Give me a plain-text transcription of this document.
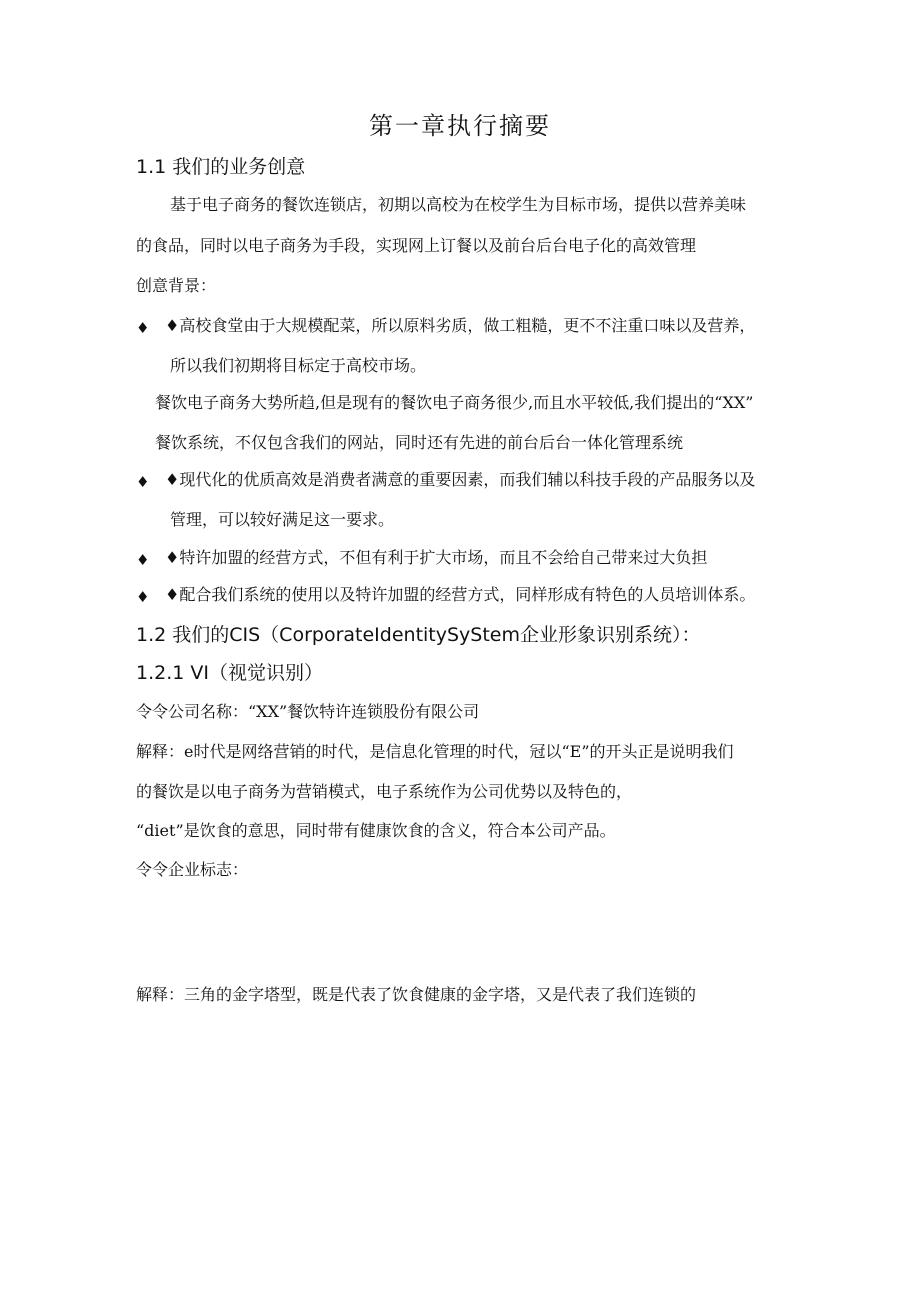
第一章执行摘要
1.1 我们的业务创意
基于电子商务的餐饮连锁店，初期以高校为在校学生为目标市场，提供以营养美味
的食品，同时以电子商务为手段，实现网上订餐以及前台后台电子化的高效管理
创意背景：
♦ ♦高校食堂由于大规模配菜，所以原料劣质，做工粗糙，更不不注重口味以及营养，
所以我们初期将目标定于高校市场。
餐饮电子商务大势所趋,但是现有的餐饮电子商务很少,而且水平较低,我们提出的“XX”
餐饮系统，不仅包含我们的网站，同时还有先进的前台后台一体化管理系统
♦ ♦现代化的优质高效是消费者满意的重要因素，而我们辅以科技手段的产品服务以及
管理，可以较好满足这一要求。
♦ ♦特许加盟的经营方式，不但有利于扩大市场，而且不会给自己带来过大负担
♦ ♦配合我们系统的使用以及特许加盟的经营方式，同样形成有特色的人员培训体系。
1.2 我们的CIS（CorporateIdentitySyStem企业形象识别系统）：
1.2.1 VI（视觉识别）
令令公司名称：“XX”餐饮特许连锁股份有限公司
解释：e时代是网络营销的时代，是信息化管理的时代，冠以“E”的开头正是说明我们
的餐饮是以电子商务为营销模式，电子系统作为公司优势以及特色的，
“diet”是饮食的意思，同时带有健康饮食的含义，符合本公司产品。
令令企业标志：
解释：三角的金字塔型，既是代表了饮食健康的金字塔，又是代表了我们连锁的
